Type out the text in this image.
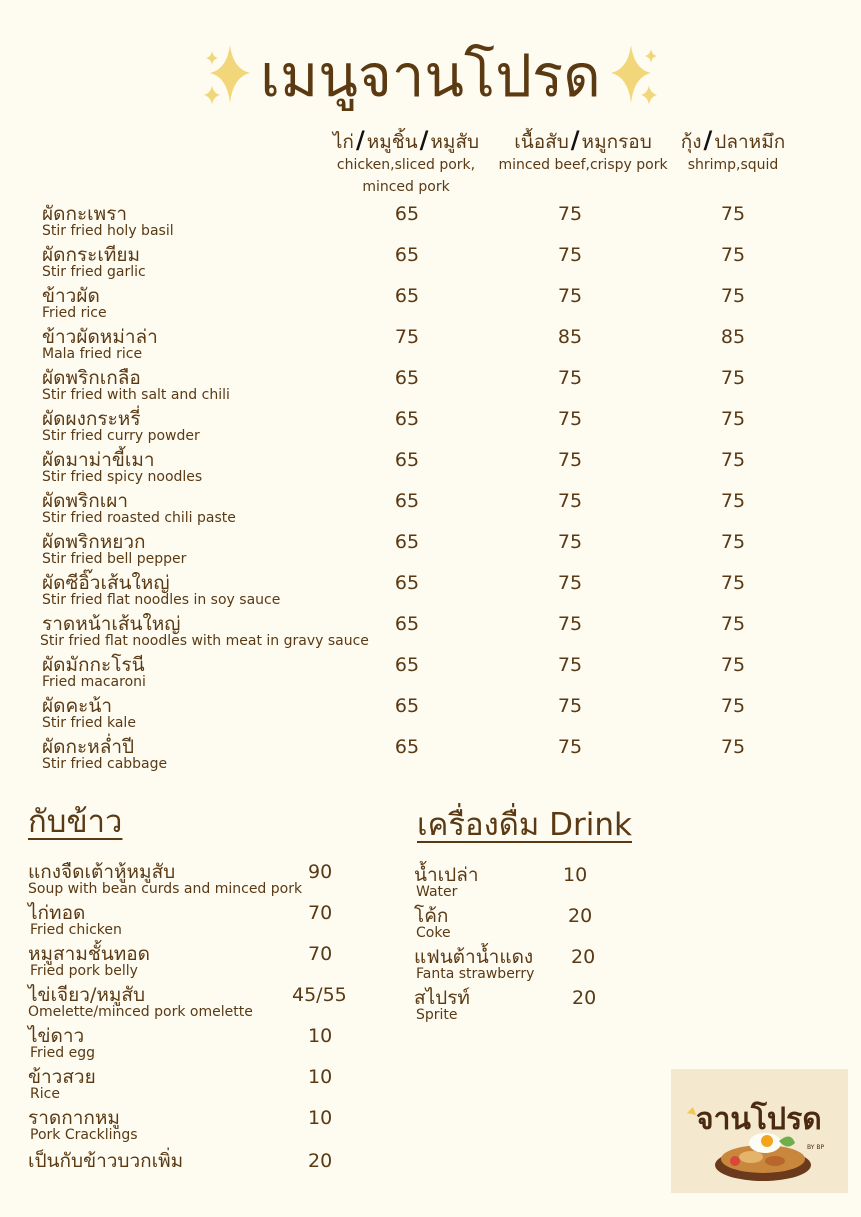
เมนูจานโปรด
ไก่/ หมูชิ้น/ หมูสับ
chicken,sliced pork,
minced pork
เนื้อสับ/ หมูกรอบ
minced beef,crispy pork
กุ้ง/ ปลาหมึก
shrimp,squid
ผัดกะเพรา
Stir fried holy basil
65	75	75
ผัดกระเทียม
Stir fried garlic
65	75	75
ข้าวผัด
Fried rice
65	75	75
ข้าวผัดหม่าล่า
Mala fried rice
75	85	85
ผัดพริกเกลือ
Stir fried with salt and chili
65	75	75
ผัดผงกระหรี่
Stir fried curry powder
65	75	75
ผัดมาม่าขี้เมา
Stir fried spicy noodles
65	75	75
ผัดพริกเผา
Stir fried roasted chili paste
65	75	75
ผัดพริกหยวก
Stir fried bell pepper
65	75	75
ผัดซีอิ๊วเส้นใหญ่
Stir fried flat noodles in soy sauce
65	75	75
ราดหน้าเส้นใหญ่
Stir fried flat noodles with meat in gravy sauce
65	75	75
ผัดมักกะโรนี
Fried macaroni
65	75	75
ผัดคะน้า
Stir fried kale
65	75	75
ผัดกะหล่ำปี
Stir fried cabbage
65	75	75
กับข้าว
แกงจืดเต้าหู้หมูสับ
Soup with bean curds and minced pork
90
ไก่ทอด
Fried chicken
70
หมูสามชั้นทอด
Fried pork belly
70
ไข่เจียว/หมูสับ
Omelette/minced pork omelette
45/55
ไข่ดาว
Fried egg
10
ข้าวสวย
Rice
10
ราดกากหมู
Pork Cracklings
10
เป็นกับข้าวบวกเพิ่ม	20
เครื่องดื่ม Drink
น้ำเปล่า
Water
10
โค้ก
Coke
20
แฟนต้าน้ำแดง
Fanta strawberry
20
สไปรท์
Sprite
20
จานโปรด
BY BP
